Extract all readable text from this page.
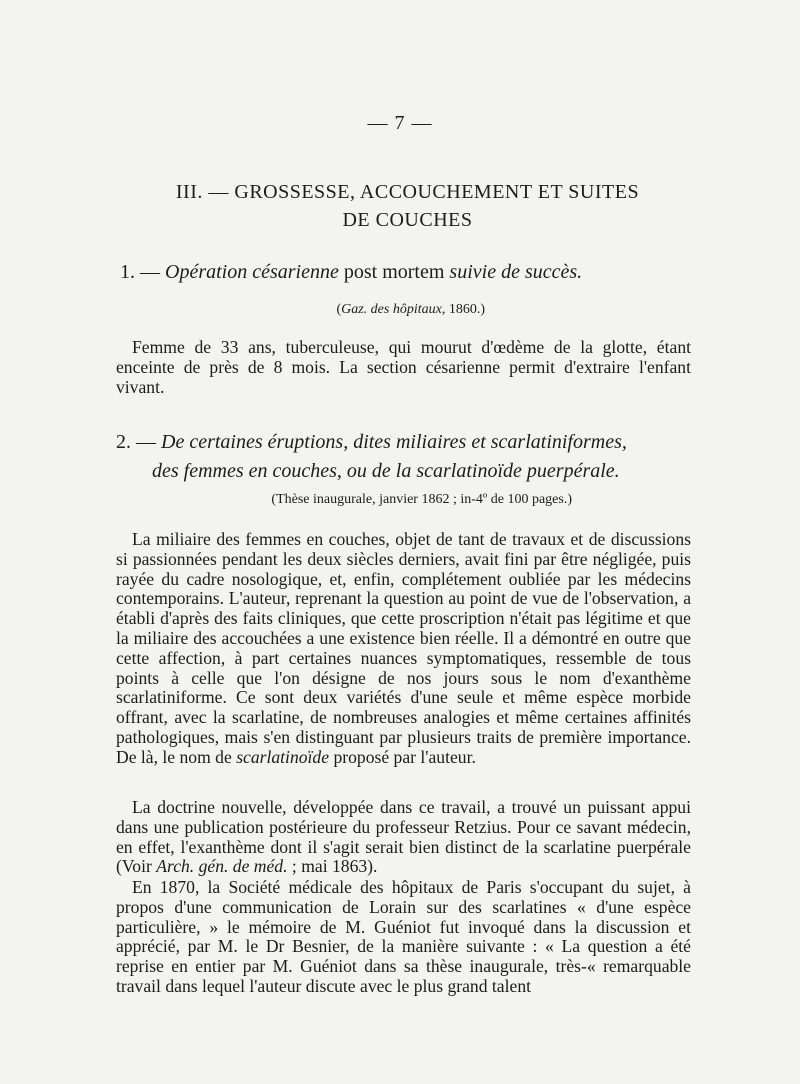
— 7 —
III. — GROSSESSE, ACCOUCHEMENT ET SUITES
DE COUCHES
1. — Opération césarienne post mortem suivie de succès.
(Gaz. des hôpitaux, 1860.)

Femme de 33 ans, tuberculeuse, qui mourut d'œdème de la glotte, étant enceinte de près de 8 mois. La section césarienne permit d'extraire l'enfant vivant.

2. — De certaines éruptions, dites miliaires et scarlatiniformes,
des femmes en couches, ou de la scarlatinoïde puerpérale.
(Thèse inaugurale, janvier 1862 ; in-4º de 100 pages.)

La miliaire des femmes en couches, objet de tant de travaux et de discussions si passionnées pendant les deux siècles derniers, avait fini par être négligée, puis rayée du cadre nosologique, et, enfin, complétement oubliée par les médecins contemporains. L'auteur, reprenant la question au point de vue de l'observation, a établi d'après des faits cliniques, que cette proscription n'était pas légitime et que la miliaire des accouchées a une existence bien réelle. Il a démontré en outre que cette affection, à part certaines nuances symptomatiques, ressemble de tous points à celle que l'on désigne de nos jours sous le nom d'exanthème scarlatiniforme. Ce sont deux variétés d'une seule et même espèce morbide offrant, avec la scarlatine, de nombreuses analogies et même certaines affinités pathologiques, mais s'en distinguant par plusieurs traits de première importance. De là, le nom de scarlatinoïde proposé par l'auteur.

La doctrine nouvelle, développée dans ce travail, a trouvé un puissant appui dans une publication postérieure du professeur Retzius. Pour ce savant médecin, en effet, l'exanthème dont il s'agit serait bien distinct de la scarlatine puerpérale (Voir Arch. gén. de méd. ; mai 1863).

En 1870, la Société médicale des hôpitaux de Paris s'occupant du sujet, à propos d'une communication de Lorain sur des scarlatines « d'une espèce particulière, » le mémoire de M. Guéniot fut invoqué dans la discussion et apprécié, par M. le Dr Besnier, de la manière suivante : « La question a été reprise en entier par M. Guéniot dans sa thèse inaugurale, très-« remarquable travail dans lequel l'auteur discute avec le plus grand talent
